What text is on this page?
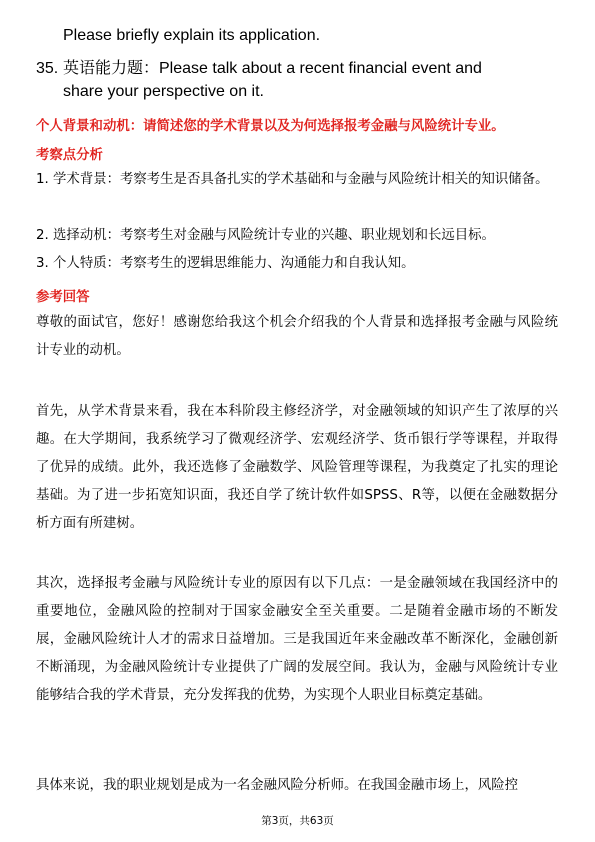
Please briefly explain its application.
35. 英语能力题：Please talk about a recent financial event and
share your perspective on it.
个人背景和动机：请简述您的学术背景以及为何选择报考金融与风险统计专业。
考察点分析
1. 学术背景：考察考生是否具备扎实的学术基础和与金融与风险统计相关的知识储备。
2. 选择动机：考察考生对金融与风险统计专业的兴趣、职业规划和长远目标。
3. 个人特质：考察考生的逻辑思维能力、沟通能力和自我认知。
参考回答
尊敬的面试官，您好！感谢您给我这个机会介绍我的个人背景和选择报考金融与风险统计专业的动机。
首先，从学术背景来看，我在本科阶段主修经济学，对金融领域的知识产生了浓厚的兴趣。在大学期间，我系统学习了微观经济学、宏观经济学、货币银行学等课程，并取得了优异的成绩。此外，我还选修了金融数学、风险管理等课程，为我奠定了扎实的理论基础。为了进一步拓宽知识面，我还自学了统计软件如SPSS、R等，以便在金融数据分析方面有所建树。
其次，选择报考金融与风险统计专业的原因有以下几点：一是金融领域在我国经济中的重要地位，金融风险的控制对于国家金融安全至关重要。二是随着金融市场的不断发展，金融风险统计人才的需求日益增加。三是我国近年来金融改革不断深化，金融创新不断涌现，为金融风险统计专业提供了广阔的发展空间。我认为，金融与风险统计专业能够结合我的学术背景，充分发挥我的优势，为实现个人职业目标奠定基础。
具体来说，我的职业规划是成为一名金融风险分析师。在我国金融市场上，风险控
第3页，共63页
